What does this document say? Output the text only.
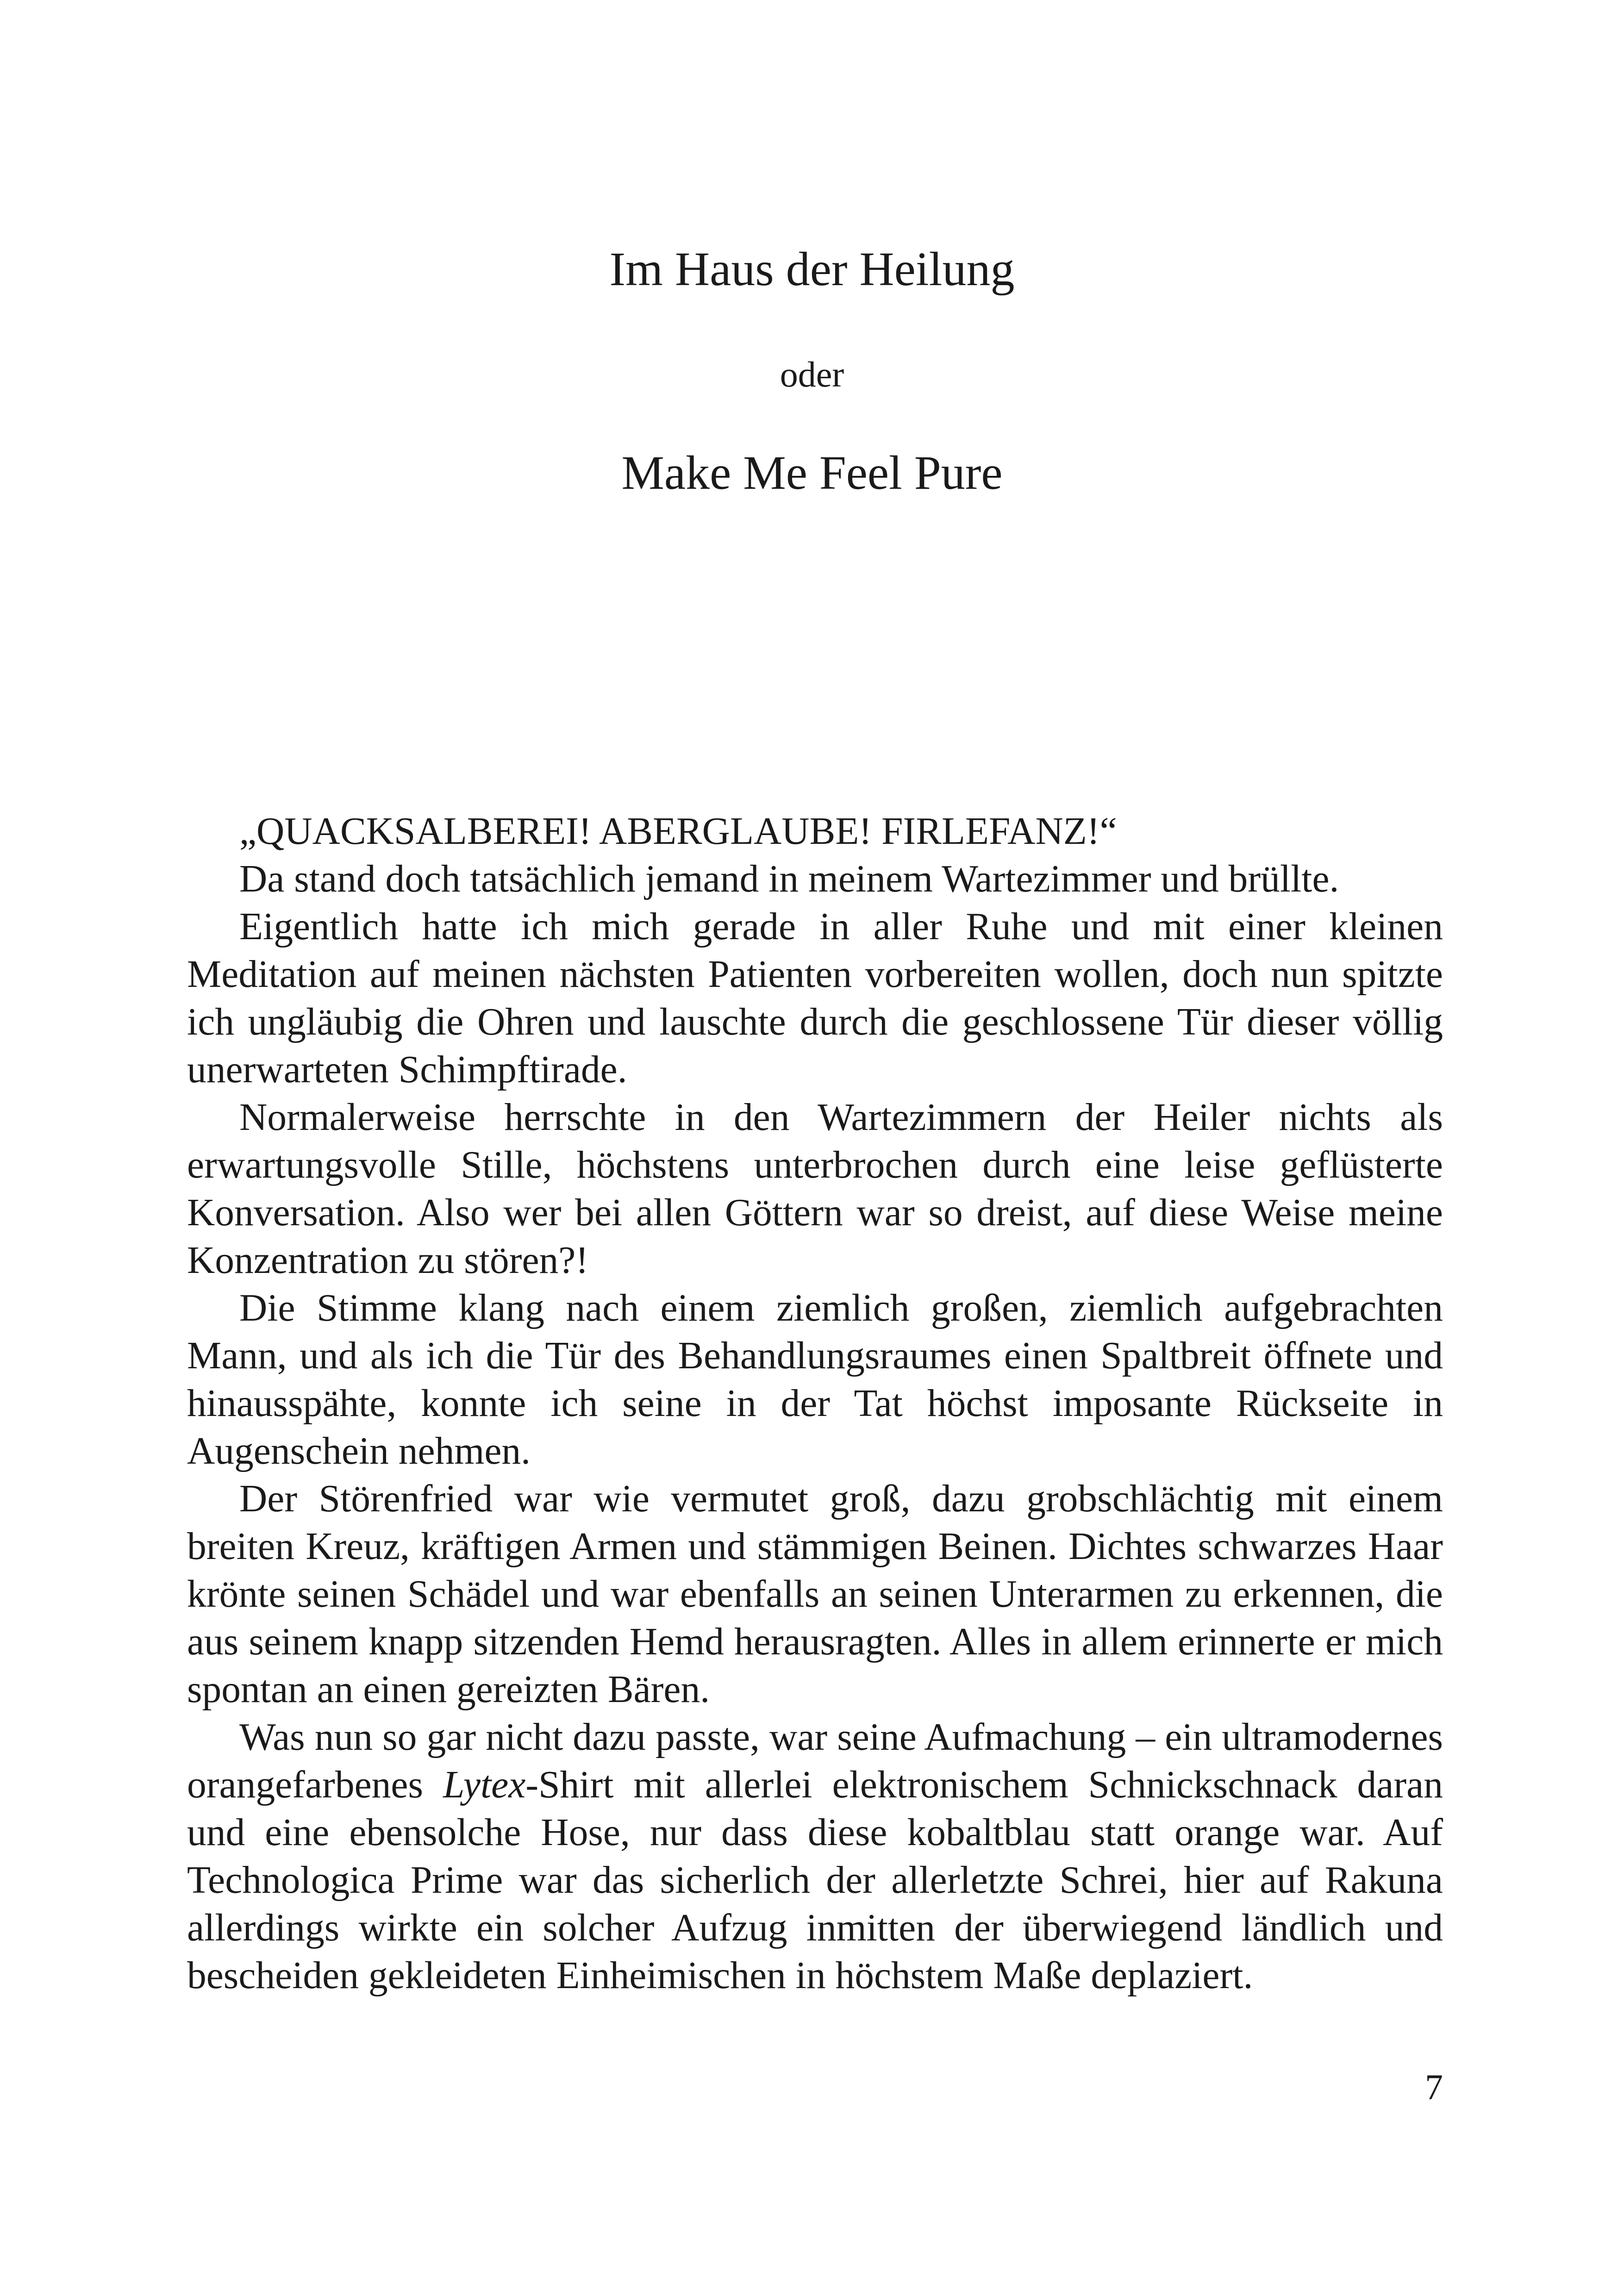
Im Haus der Heilung
oder
Make Me Feel Pure

„QUACKSALBEREI! ABERGLAUBE! FIRLEFANZ!“

Da stand doch tatsächlich jemand in meinem Wartezimmer und brüllte.

Eigentlich hatte ich mich gerade in aller Ruhe und mit einer kleinen Meditation auf meinen nächsten Patienten vorbereiten wollen, doch nun spitzte ich ungläubig die Ohren und lauschte durch die geschlossene Tür dieser völlig unerwarteten Schimpftirade.

Normalerweise herrschte in den Wartezimmern der Heiler nichts als erwartungsvolle Stille, höchstens unterbrochen durch eine leise geflüsterte Konversation. Also wer bei allen Göttern war so dreist, auf diese Weise meine Konzentration zu stören?!

Die Stimme klang nach einem ziemlich großen, ziemlich aufgebrachten Mann, und als ich die Tür des Behandlungsraumes einen Spaltbreit öffnete und hinausspähte, konnte ich seine in der Tat höchst imposante Rückseite in Augenschein nehmen.

Der Störenfried war wie vermutet groß, dazu grobschlächtig mit einem breiten Kreuz, kräftigen Armen und stämmigen Beinen. Dichtes schwarzes Haar krönte seinen Schädel und war ebenfalls an seinen Unterarmen zu erkennen, die aus seinem knapp sitzenden Hemd herausragten. Alles in allem erinnerte er mich spontan an einen gereizten Bären.

Was nun so gar nicht dazu passte, war seine Aufmachung – ein ultramodernes orangefarbenes Lytex-Shirt mit allerlei elektronischem Schnickschnack daran und eine ebensolche Hose, nur dass diese kobaltblau statt orange war. Auf Technologica Prime war das sicherlich der allerletzte Schrei, hier auf Rakuna allerdings wirkte ein solcher Aufzug inmitten der überwiegend ländlich und bescheiden gekleideten Einheimischen in höchstem Maße deplaziert.

7
